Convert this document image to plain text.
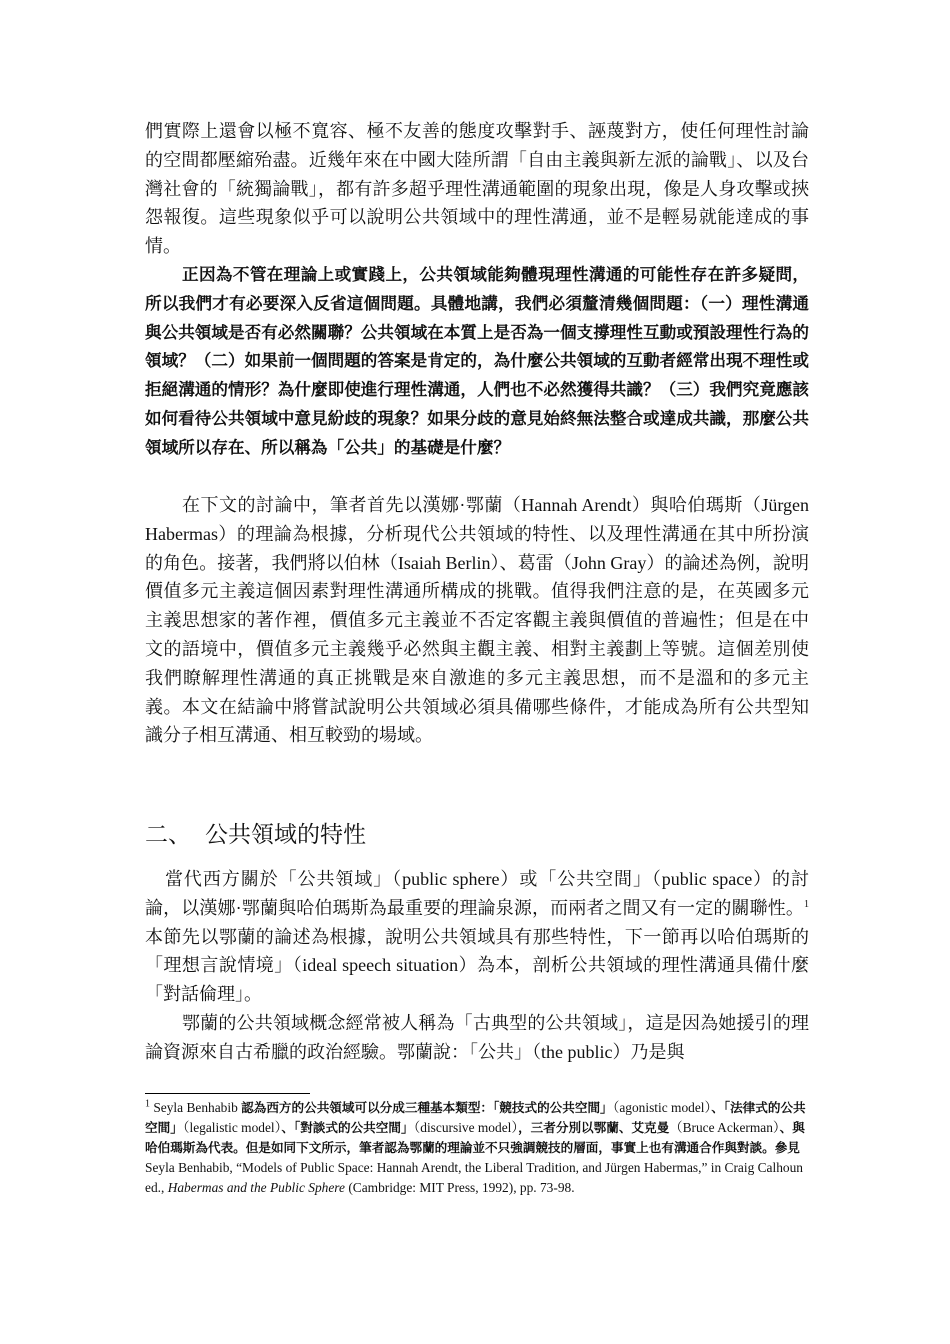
們實際上還會以極不寬容、極不友善的態度攻擊對手、誣蔑對方，使任何理性討論的空間都壓縮殆盡。近幾年來在中國大陸所謂「自由主義與新左派的論戰」、以及台灣社會的「統獨論戰」，都有許多超乎理性溝通範圍的現象出現，像是人身攻擊或挾怨報復。這些現象似乎可以說明公共領域中的理性溝通，並不是輕易就能達成的事情。

正因為不管在理論上或實踐上，公共領域能夠體現理性溝通的可能性存在許多疑問，所以我們才有必要深入反省這個問題。具體地講，我們必須釐清幾個問題：（一）理性溝通與公共領域是否有必然關聯？公共領域在本質上是否為一個支撐理性互動或預設理性行為的領域？（二）如果前一個問題的答案是肯定的，為什麼公共領域的互動者經常出現不理性或拒絕溝通的情形？為什麼即使進行理性溝通，人們也不必然獲得共識？（三）我們究竟應該如何看待公共領域中意見紛歧的現象？如果分歧的意見始終無法整合或達成共識，那麼公共領域所以存在、所以稱為「公共」的基礎是什麼？

在下文的討論中，筆者首先以漢娜·鄂蘭（Hannah Arendt）與哈伯瑪斯（Jürgen Habermas）的理論為根據，分析現代公共領域的特性、以及理性溝通在其中所扮演的角色。接著，我們將以伯林（Isaiah Berlin）、葛雷（John Gray）的論述為例，說明價值多元主義這個因素對理性溝通所構成的挑戰。值得我們注意的是，在英國多元主義思想家的著作裡，價值多元主義並不否定客觀主義與價值的普遍性；但是在中文的語境中，價值多元主義幾乎必然與主觀主義、相對主義劃上等號。這個差別使我們瞭解理性溝通的真正挑戰是來自激進的多元主義思想，而不是溫和的多元主義。本文在結論中將嘗試說明公共領域必須具備哪些條件，才能成為所有公共型知識分子相互溝通、相互較勁的場域。

二、 公共領域的特性

當代西方關於「公共領域」（public sphere）或「公共空間」（public space）的討論，以漢娜·鄂蘭與哈伯瑪斯為最重要的理論泉源，而兩者之間又有一定的關聯性。$^1$ 本節先以鄂蘭的論述為根據，說明公共領域具有那些特性，下一節再以哈伯瑪斯的「理想言說情境」（ideal speech situation）為本，剖析公共領域的理性溝通具備什麼「對話倫理」。

鄂蘭的公共領域概念經常被人稱為「古典型的公共領域」，這是因為她援引的理論資源來自古希臘的政治經驗。鄂蘭說：「公共」（the public）乃是與

$^1$ Seyla Benhabib 認為西方的公共領域可以分成三種基本類型：「競技式的公共空間」（agonistic model）、「法律式的公共空間」（legalistic model）、「對談式的公共空間」（discursive model），三者分別以鄂蘭、艾克曼（Bruce Ackerman）、與哈伯瑪斯為代表。但是如同下文所示，筆者認為鄂蘭的理論並不只強調競技的層面，事實上也有溝通合作與對談。參見 Seyla Benhabib, “Models of Public Space: Hannah Arendt, the Liberal Tradition, and Jürgen Habermas,” in Craig Calhoun ed., Habermas and the Public Sphere (Cambridge: MIT Press, 1992), pp. 73-98.
